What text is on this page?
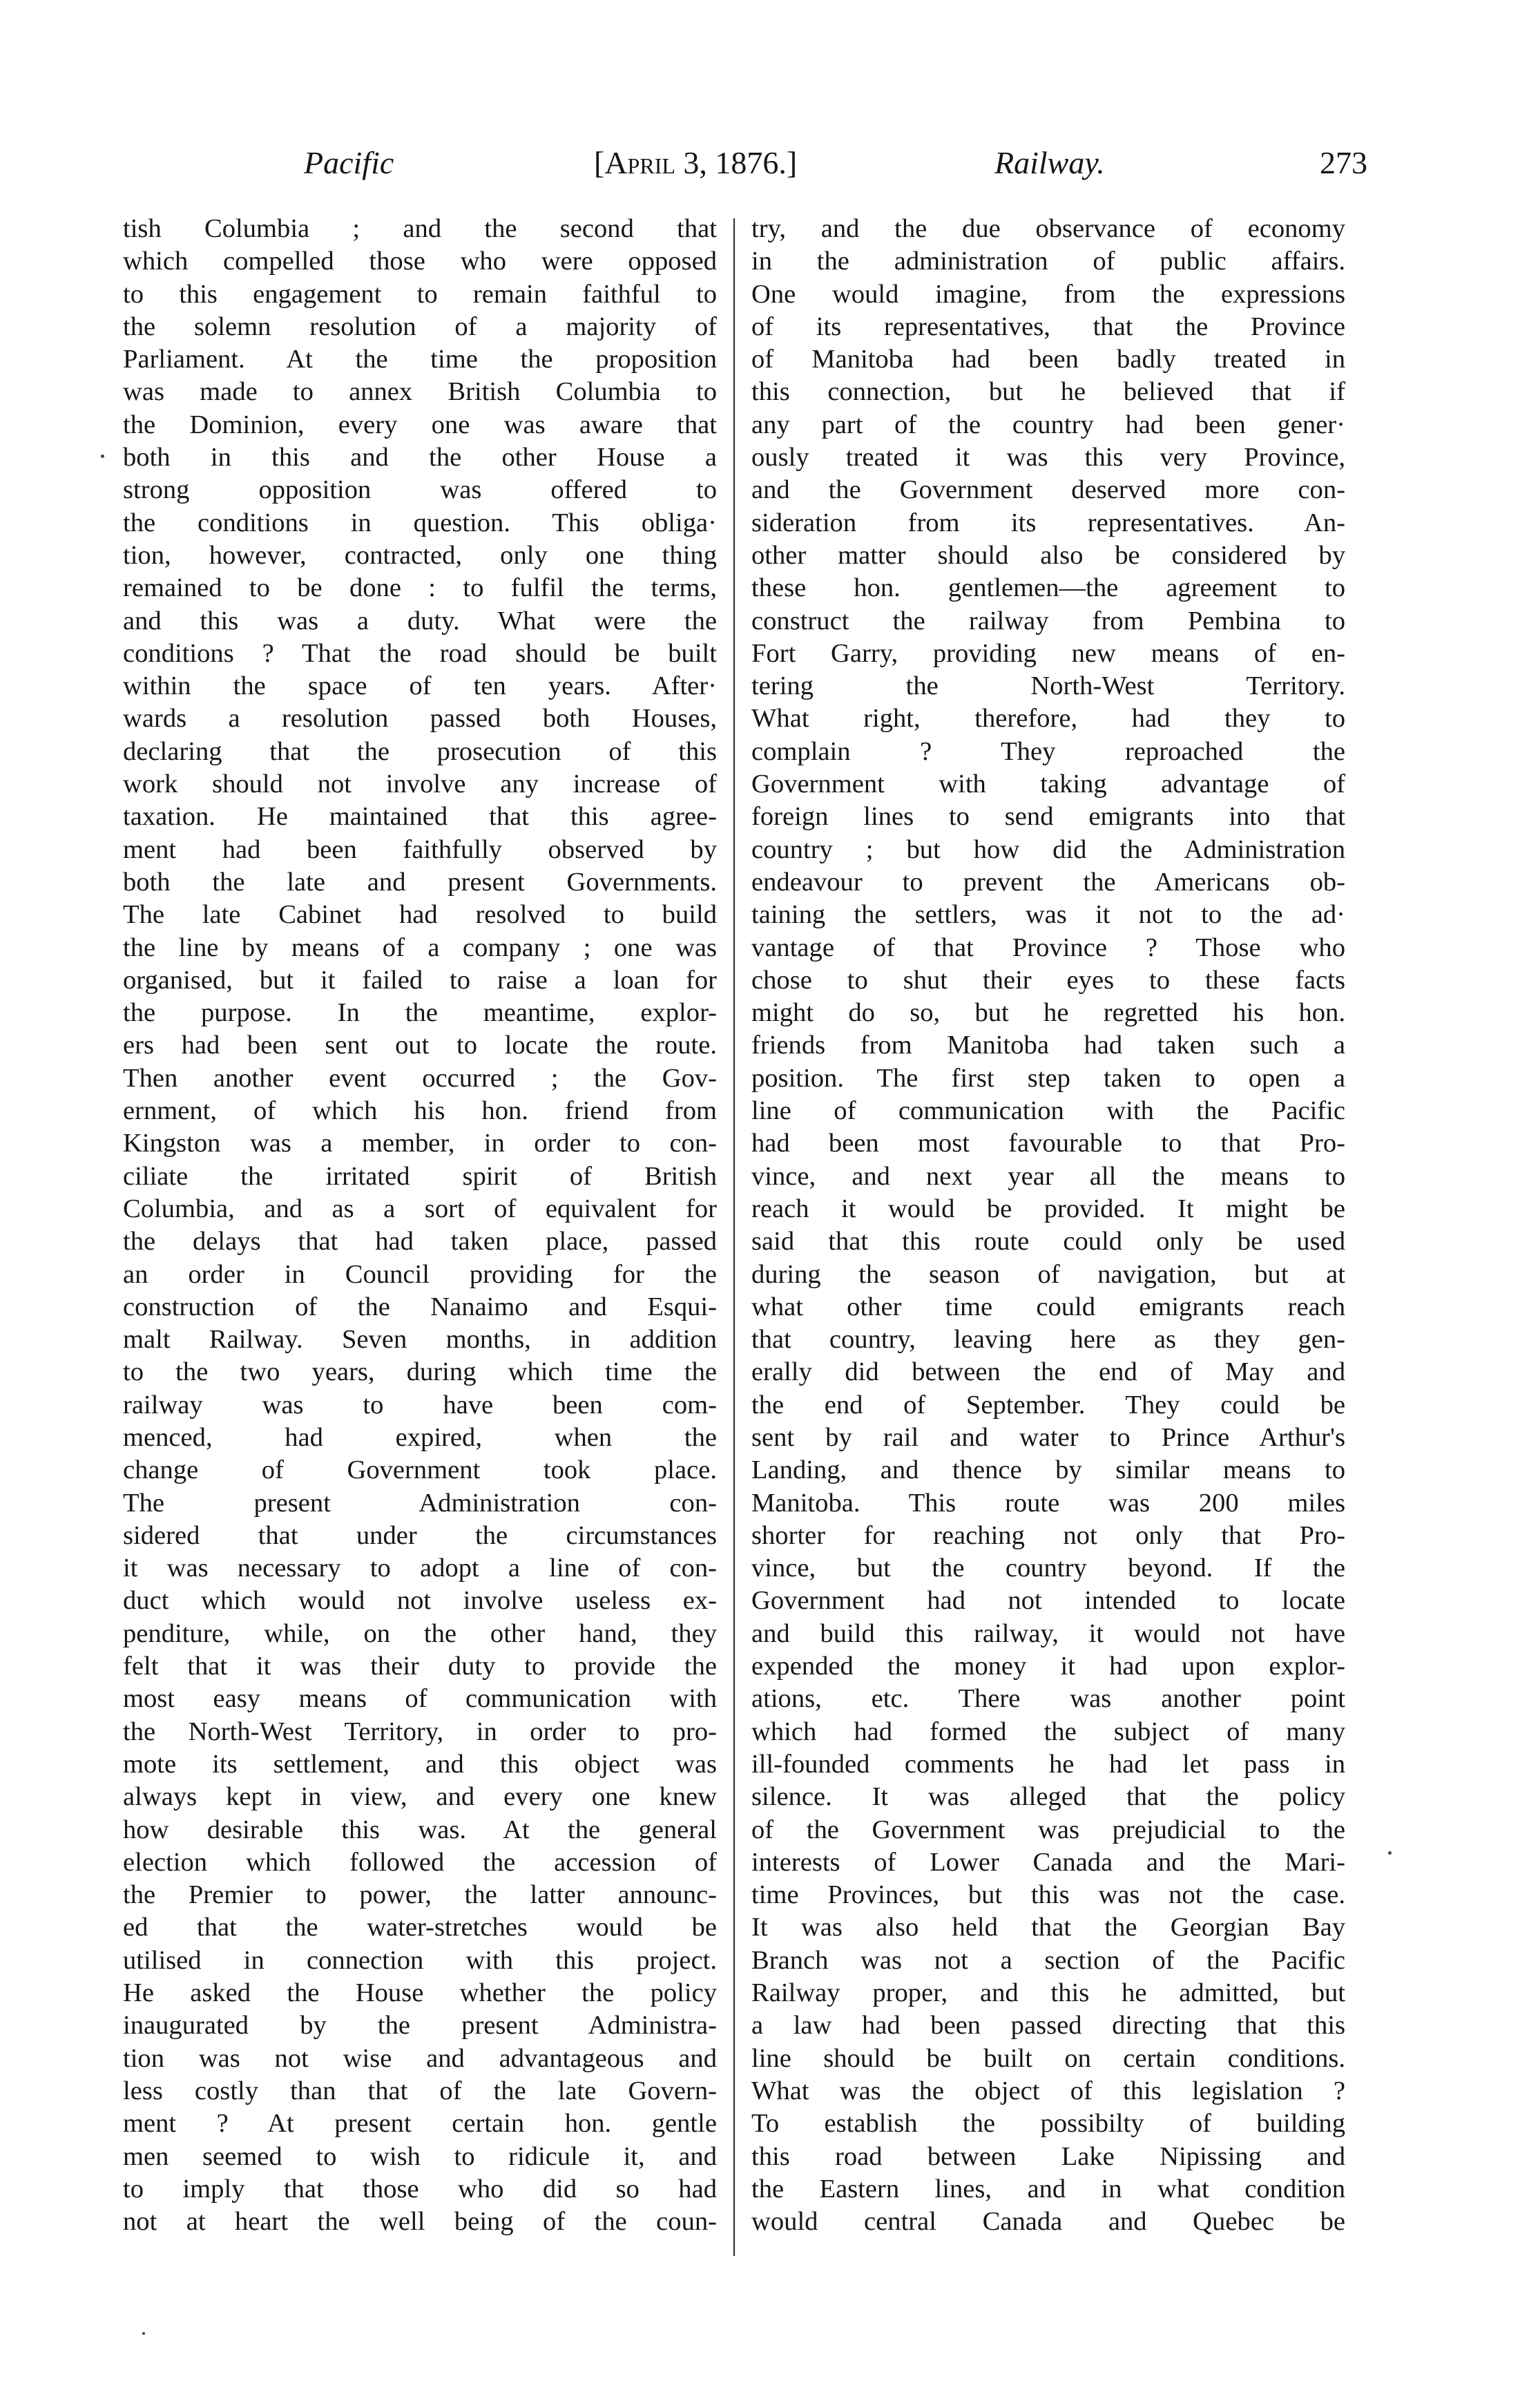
Pacific	[April 3, 1876.]	Railway.	273
tish Columbia ; and the second that
which compelled those who were opposed
to this engagement to remain faithful to
the solemn resolution of a majority of
Parliament. At the time the proposition
was made to annex British Columbia to
the Dominion, every one was aware that
both in this and the other House a
strong opposition was offered to
the conditions in question. This obliga·
tion, however, contracted, only one thing
remained to be done : to fulfil the terms,
and this was a duty. What were the
conditions ? That the road should be built
within the space of ten years. After·
wards a resolution passed both Houses,
declaring that the prosecution of this
work should not involve any increase of
taxation. He maintained that this agree-
ment had been faithfully observed by
both the late and present Governments.
The late Cabinet had resolved to build
the line by means of a company ; one was
organised, but it failed to raise a loan for
the purpose. In the meantime, explor-
ers had been sent out to locate the route.
Then another event occurred ; the Gov-
ernment, of which his hon. friend from
Kingston was a member, in order to con-
ciliate the irritated spirit of British
Columbia, and as a sort of equivalent for
the delays that had taken place, passed
an order in Council providing for the
construction of the Nanaimo and Esqui-
malt Railway. Seven months, in addition
to the two years, during which time the
railway was to have been com-
menced, had expired, when the
change of Government took place.
The present Administration con-
sidered that under the circumstances
it was necessary to adopt a line of con-
duct which would not involve useless ex-
penditure, while, on the other hand, they
felt that it was their duty to provide the
most easy means of communication with
the North-West Territory, in order to pro-
mote its settlement, and this object was
always kept in view, and every one knew
how desirable this was. At the general
election which followed the accession of
the Premier to power, the latter announc-
ed that the water-stretches would be
utilised in connection with this project.
He asked the House whether the policy
inaugurated by the present Administra-
tion was not wise and advantageous and
less costly than that of the late Govern-
ment ? At present certain hon. gentle
men seemed to wish to ridicule it, and
to imply that those who did so had
not at heart the well being of the coun-
try, and the due observance of economy
in the administration of public affairs.
One would imagine, from the expressions
of its representatives, that the Province
of Manitoba had been badly treated in
this connection, but he believed that if
any part of the country had been gener·
ously treated it was this very Province,
and the Government deserved more con-
sideration from its representatives. An-
other matter should also be considered by
these hon. gentlemen—the agreement to
construct the railway from Pembina to
Fort Garry, providing new means of en-
tering the North-West Territory.
What right, therefore, had they to
complain ? They reproached the
Government with taking advantage of
foreign lines to send emigrants into that
country ; but how did the Administration
endeavour to prevent the Americans ob-
taining the settlers, was it not to the ad·
vantage of that Province ? Those who
chose to shut their eyes to these facts
might do so, but he regretted his hon.
friends from Manitoba had taken such a
position. The first step taken to open a
line of communication with the Pacific
had been most favourable to that Pro-
vince, and next year all the means to
reach it would be provided. It might be
said that this route could only be used
during the season of navigation, but at
what other time could emigrants reach
that country, leaving here as they gen-
erally did between the end of May and
the end of September. They could be
sent by rail and water to Prince Arthur's
Landing, and thence by similar means to
Manitoba. This route was 200 miles
shorter for reaching not only that Pro-
vince, but the country beyond. If the
Government had not intended to locate
and build this railway, it would not have
expended the money it had upon explor-
ations, etc. There was another point
which had formed the subject of many
ill-founded comments he had let pass in
silence. It was alleged that the policy
of the Government was prejudicial to the
interests of Lower Canada and the Mari-
time Provinces, but this was not the case.
It was also held that the Georgian Bay
Branch was not a section of the Pacific
Railway proper, and this he admitted, but
a law had been passed directing that this
line should be built on certain conditions.
What was the object of this legislation ?
To establish the possibilty of building
this road between Lake Nipissing and
the Eastern lines, and in what condition
would central Canada and Quebec be
